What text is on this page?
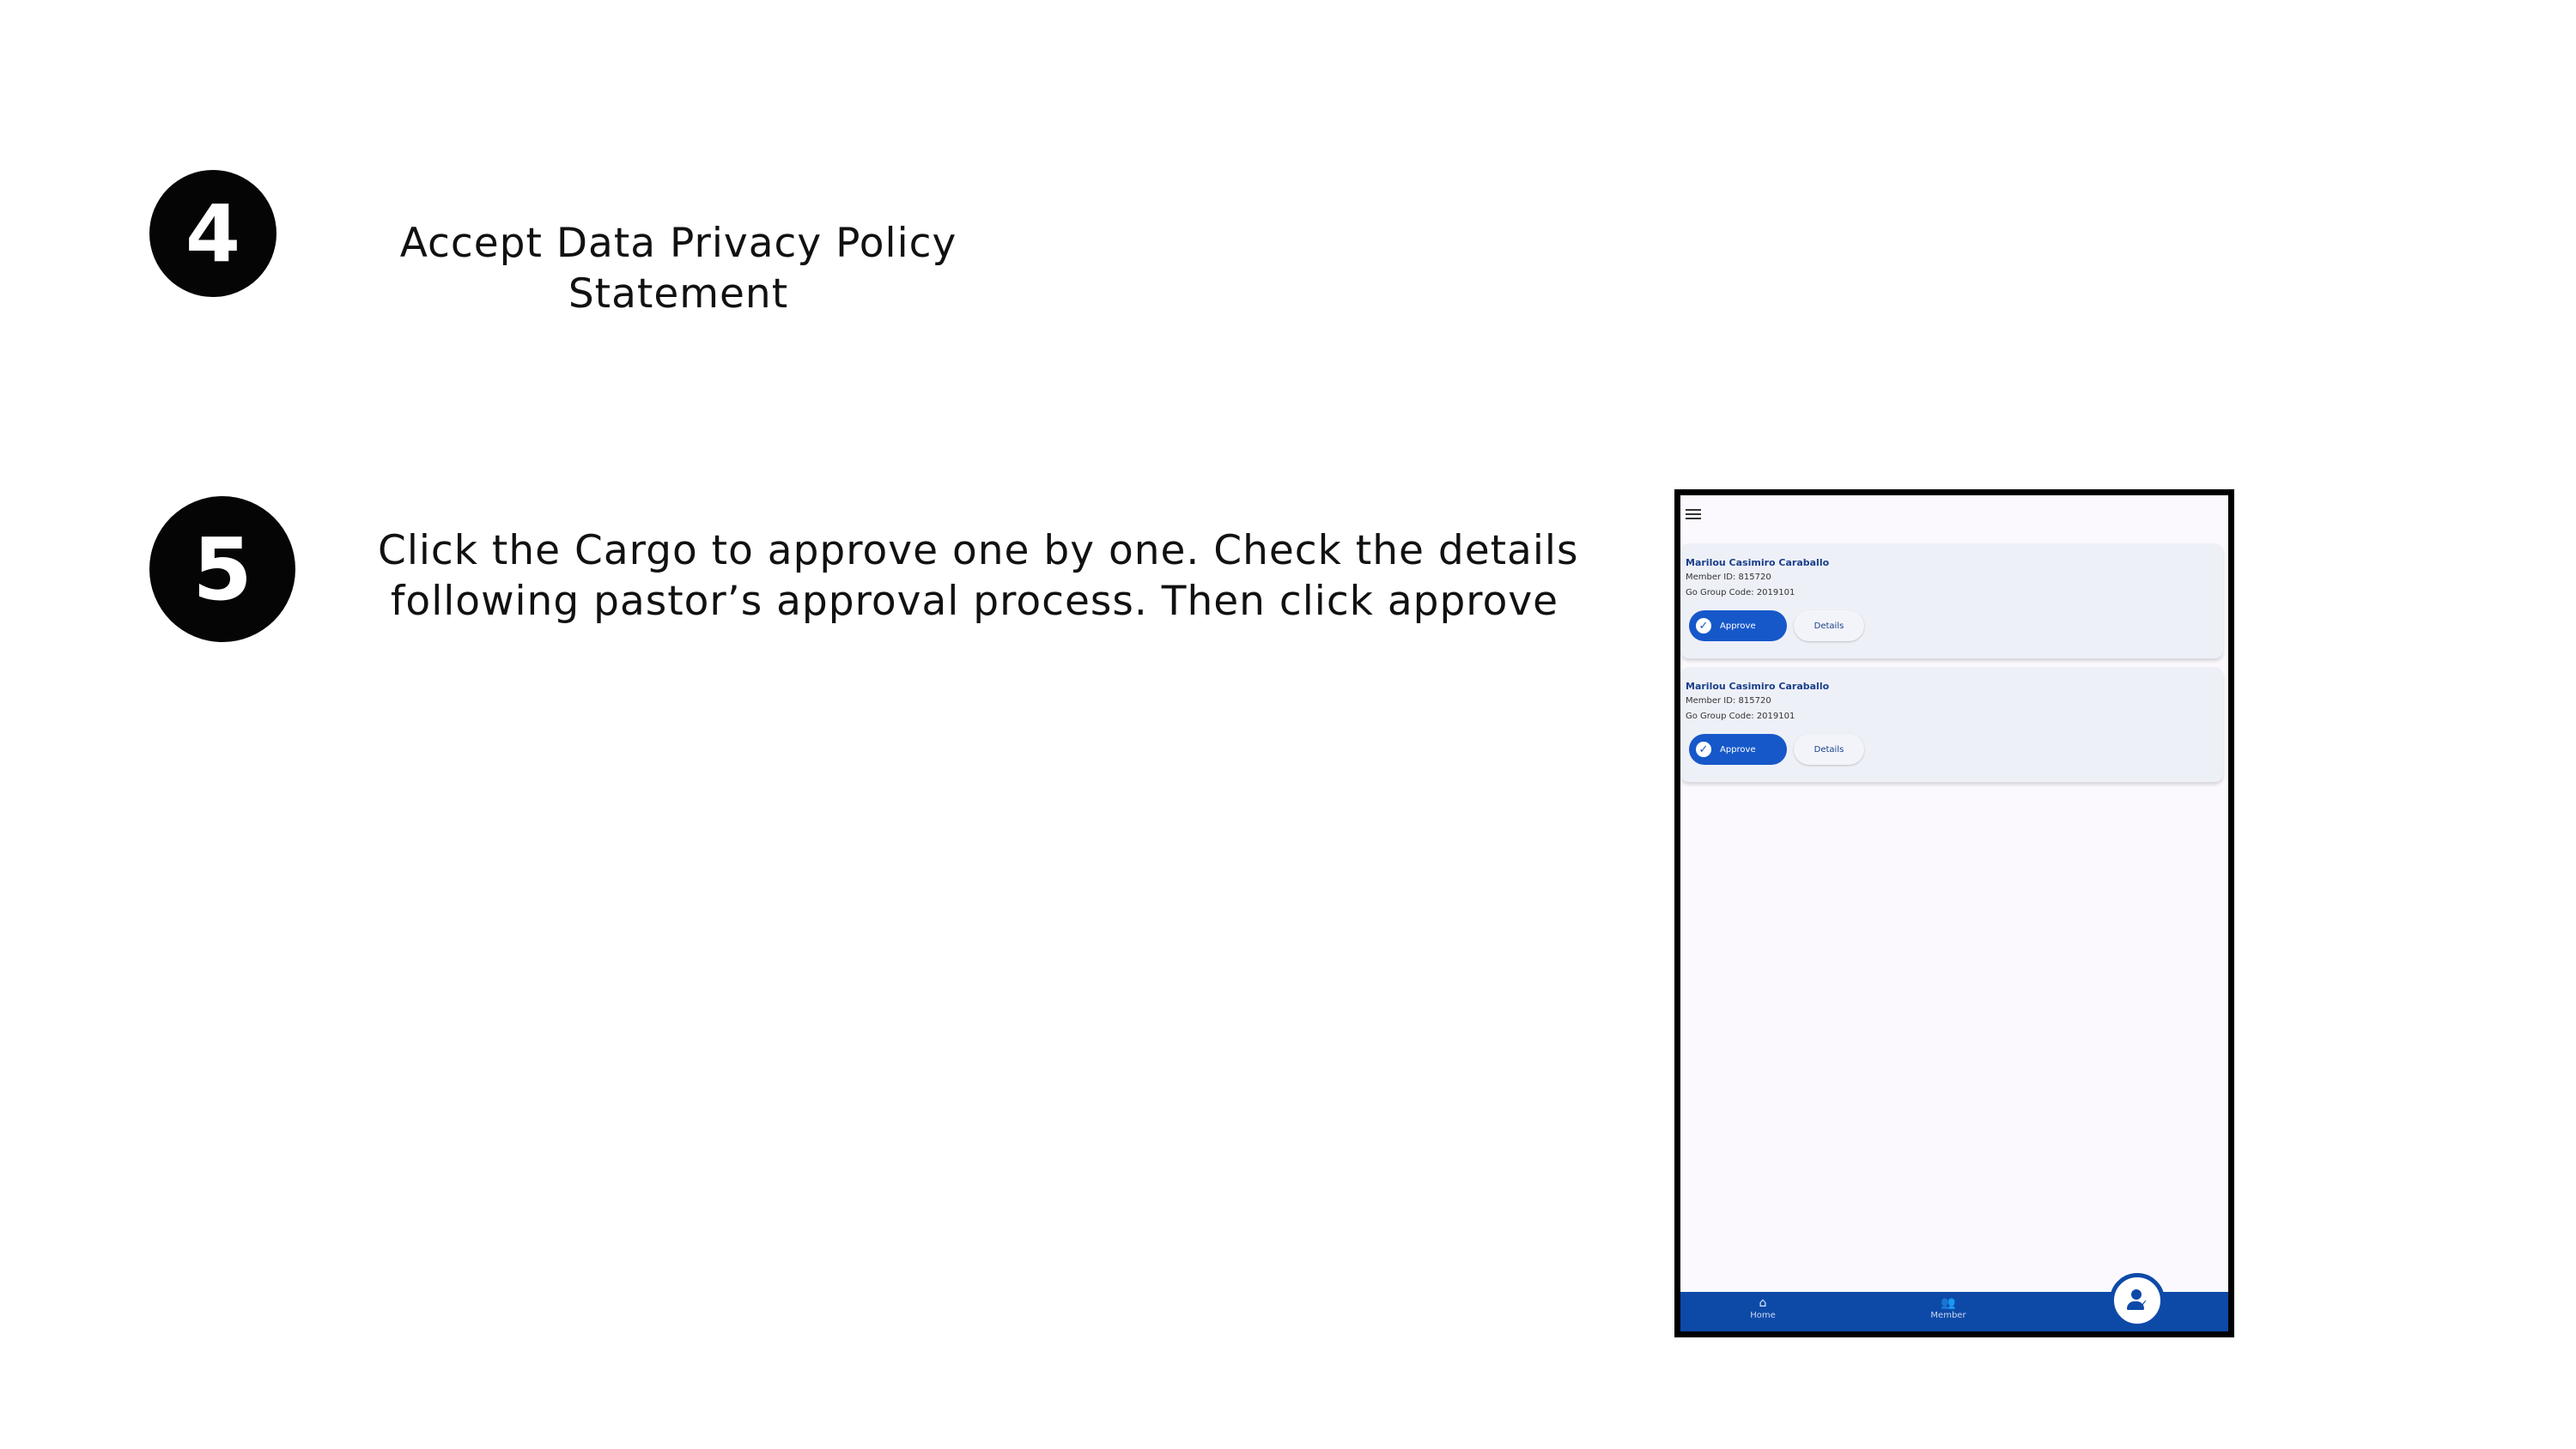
4	Accept Data Privacy Policy
Statement
5	Click the Cargo to approve one by one. Check the details
following pastor’s approval process. Then click approve
Marilou Casimiro Caraballo
Member ID: 815720
Go Group Code: 2019101
✓	Approve	Details
Marilou Casimiro Caraballo
Member ID: 815720
Go Group Code: 2019101
✓	Approve	Details
⌂
Home
👥
Member
✓
